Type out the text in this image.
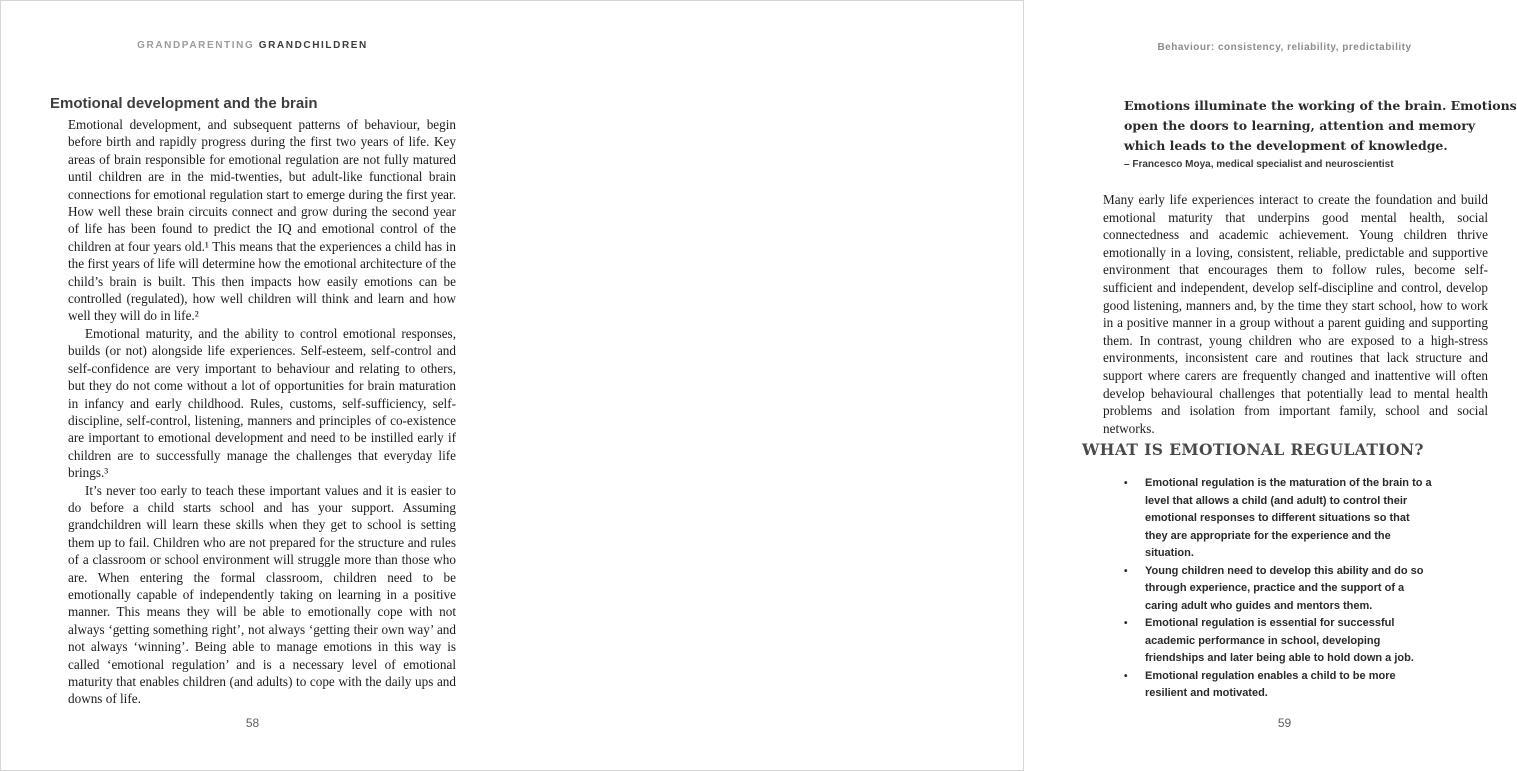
GRANDPARENTING GRANDCHILDREN
Emotional development and the brain

Emotional development, and subsequent patterns of behaviour, begin before birth and rapidly progress during the first two years of life. Key areas of brain responsible for emotional regulation are not fully matured until children are in the mid-twenties, but adult-like functional brain connections for emotional regulation start to emerge during the first year. How well these brain circuits connect and grow during the second year of life has been found to predict the IQ and emotional control of the children at four years old.¹ This means that the experiences a child has in the first years of life will determine how the emotional architecture of the child’s brain is built. This then impacts how easily emotions can be controlled (regulated), how well children will think and learn and how well they will do in life.²

Emotional maturity, and the ability to control emotional responses, builds (or not) alongside life experiences. Self-esteem, self-control and self-confidence are very important to behaviour and relating to others, but they do not come without a lot of opportunities for brain maturation in infancy and early childhood. Rules, customs, self-sufficiency, self-discipline, self-control, listening, manners and principles of co-existence are important to emotional development and need to be instilled early if children are to successfully manage the challenges that everyday life brings.³

It’s never too early to teach these important values and it is easier to do before a child starts school and has your support. Assuming grandchildren will learn these skills when they get to school is setting them up to fail. Children who are not prepared for the structure and rules of a classroom or school environment will struggle more than those who are. When entering the formal classroom, children need to be emotionally capable of independently taking on learning in a positive manner. This means they will be able to emotionally cope with not always ‘getting something right’, not always ‘getting their own way’ and not always ‘winning’. Being able to manage emotions in this way is called ‘emotional regulation’ and is a necessary level of emotional maturity that enables children (and adults) to cope with the daily ups and downs of life.

58
Behaviour: consistency, reliability, predictability
Emotions illuminate the working of the brain. Emotions
open the doors to learning, attention and memory
which leads to the development of knowledge.
– Francesco Moya, medical specialist and neuroscientist

Many early life experiences interact to create the foundation and build emotional maturity that underpins good mental health, social connectedness and academic achievement. Young children thrive emotionally in a loving, consistent, reliable, predictable and supportive environment that encourages them to follow rules, become self-sufficient and independent, develop self-discipline and control, develop good listening, manners and, by the time they start school, how to work in a positive manner in a group without a parent guiding and supporting them. In contrast, young children who are exposed to a high-stress environments, inconsistent care and routines that lack structure and support where carers are frequently changed and inattentive will often develop behavioural challenges that potentially lead to mental health problems and isolation from important family, school and social networks.

WHAT IS EMOTIONAL REGULATION?
•	Emotional regulation is the maturation of the brain to a level that allows a child (and adult) to control their emotional responses to different situations so that they are appropriate for the experience and the situation.
•	Young children need to develop this ability and do so through experience, practice and the support of a caring adult who guides and mentors them.
•	Emotional regulation is essential for successful academic performance in school, developing friendships and later being able to hold down a job.
•	Emotional regulation enables a child to be more resilient and motivated.
59
